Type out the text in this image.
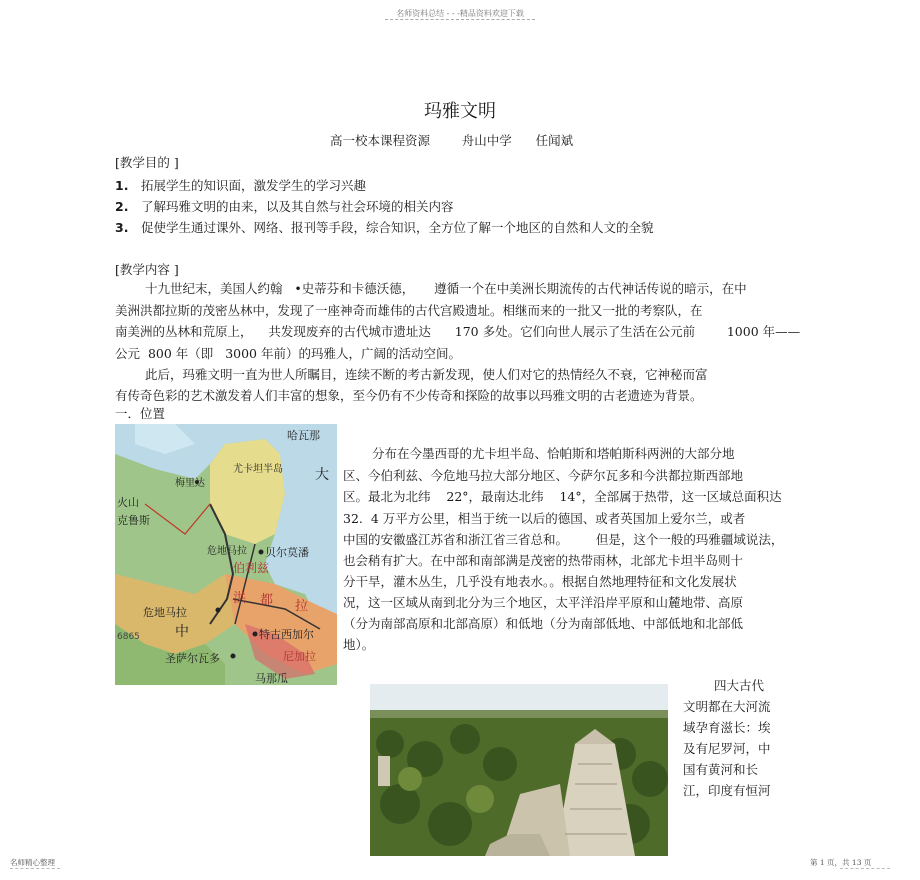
名师资料总结 - - -精品资料欢迎下载
玛雅文明
高一校本课程资源        舟山中学      任闻斌
[教学目的 ]
1. 拓展学生的知识面，激发学生的学习兴趣
2. 了解玛雅文明的由来，以及其自然与社会环境的相关内容
3. 促使学生通过课外、网络、报刊等手段，综合知识，全方位了解一个地区的自然和人文的全貌
[教学内容 ]
十九世纪末，美国人约翰   •史蒂芬和卡德沃德，     遵循一个在中美洲长期流传的古代神话传说的暗示，在中
美洲洪都拉斯的茂密丛林中，发现了一座神奇而雄伟的古代宫殿遗址。相继而来的一批又一批的考察队，在
南美洲的丛林和荒原上，    共发现废弃的古代城市遗址达      170 多处。它们向世人展示了生活在公元前        1000 年——
公元  800 年（即   3000 年前）的玛雅人，广阔的活动空间。
此后，玛雅文明一直为世人所瞩目，连续不断的考古新发现，使人们对它的热情经久不衰，它神秘而富
有传奇色彩的艺术激发着人们丰富的想象，至今仍有不少传奇和探险的故事以玛雅文明的古老遗迹为背景。
一．位置
哈瓦那
大
尤卡坦半岛
梅里达
火山
克鲁斯
贝尔莫潘
伯利兹
危地马拉
洪 都 拉
特古西加尔
危地马拉
尼加拉
圣萨尔瓦多
马那瓜
中
6865
分布在今墨西哥的尤卡坦半岛、恰帕斯和塔帕斯科两洲的大部分地
区、今伯利兹、今危地马拉大部分地区、今萨尔瓦多和今洪都拉斯西部地
区。最北为北纬    22°，最南达北纬    14°，全部属于热带，这一区域总面积达
32.  4 万平方公里，相当于统一以后的德国、或者英国加上爱尔兰，或者
中国的安徽盛江苏省和浙江省三省总和。       但是，这个一般的玛雅疆域说法，
也会稍有扩大。在中部和南部满是茂密的热带雨林，北部尤卡坦半岛则十
分干旱，灌木丛生，几乎没有地表水。。根据自然地理特征和文化发展状
况，这一区域从南到北分为三个地区，太平洋沿岸平原和山麓地带、高原
（分为南部高原和北部高原）和低地（分为南部低地、中部低地和北部低
地）。
四大古代
文明都在大河流
域孕育滋长：埃
及有尼罗河，中
国有黄河和长
江，印度有恒河
名师精心整理	第 1 页，共 13 页
